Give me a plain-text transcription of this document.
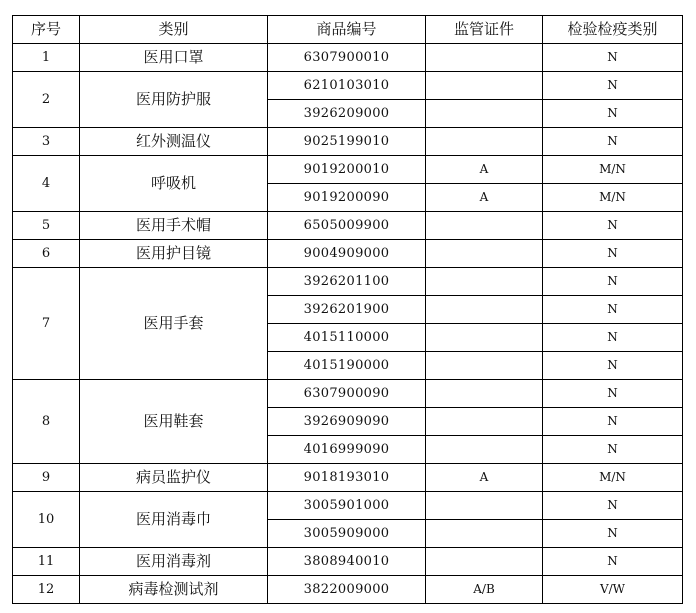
序号	类别	商品编号	监管证件	检验检疫类别
1	医用口罩	6307900010		N
2	医用防护服	6210103010		N
		3926209000		N
3	红外测温仪	9025199010		N
4	呼吸机	9019200010	A	M/N
		9019200090	A	M/N
5	医用手术帽	6505009900		N
6	医用护目镜	9004909000		N
7	医用手套	3926201100		N
		3926201900		N
		4015110000		N
		4015190000		N
8	医用鞋套	6307900090		N
		3926909090		N
		4016999090		N
9	病员监护仪	9018193010	A	M/N
10	医用消毒巾	3005901000		N
		3005909000		N
11	医用消毒剂	3808940010		N
12	病毒检测试剂	3822009000	A/B	V/W
